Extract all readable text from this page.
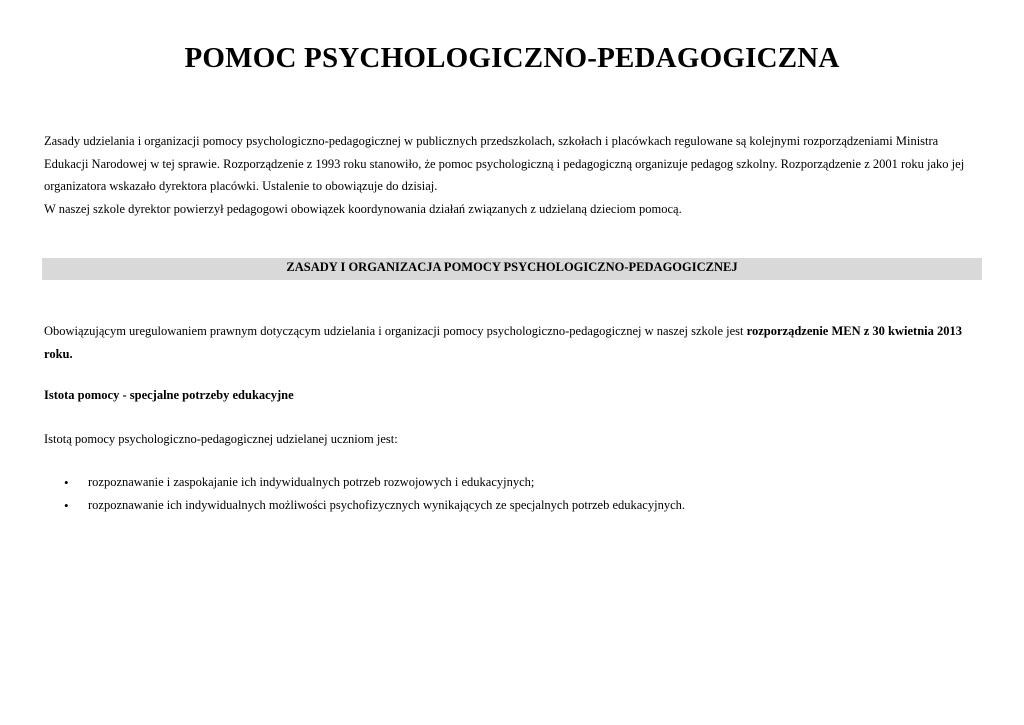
POMOC PSYCHOLOGICZNO-PEDAGOGICZNA

Zasady udzielania i organizacji pomocy psychologiczno-pedagogicznej w publicznych przedszkolach, szkołach i placówkach regulowane są kolejnymi rozporządzeniami Ministra Edukacji Narodowej w tej sprawie. Rozporządzenie z 1993 roku stanowiło, że pomoc psychologiczną i pedagogiczną organizuje pedagog szkolny. Rozporządzenie z 2001 roku jako jej organizatora wskazało dyrektora placówki. Ustalenie to obowiązuje do dzisiaj.

W naszej szkole dyrektor powierzył pedagogowi obowiązek koordynowania działań związanych z udzielaną dzieciom pomocą.

ZASADY I ORGANIZACJA POMOCY PSYCHOLOGICZNO-PEDAGOGICZNEJ

Obowiązującym uregulowaniem prawnym dotyczącym udzielania i organizacji pomocy psychologiczno-pedagogicznej w naszej szkole jest rozporządzenie MEN z 30 kwietnia 2013 roku.

Istota pomocy - specjalne potrzeby edukacyjne

Istotą pomocy psychologiczno-pedagogicznej udzielanej uczniom jest:

• rozpoznawanie i zaspokajanie ich indywidualnych potrzeb rozwojowych i edukacyjnych;
• rozpoznawanie ich indywidualnych możliwości psychofizycznych wynikających ze specjalnych potrzeb edukacyjnych.
